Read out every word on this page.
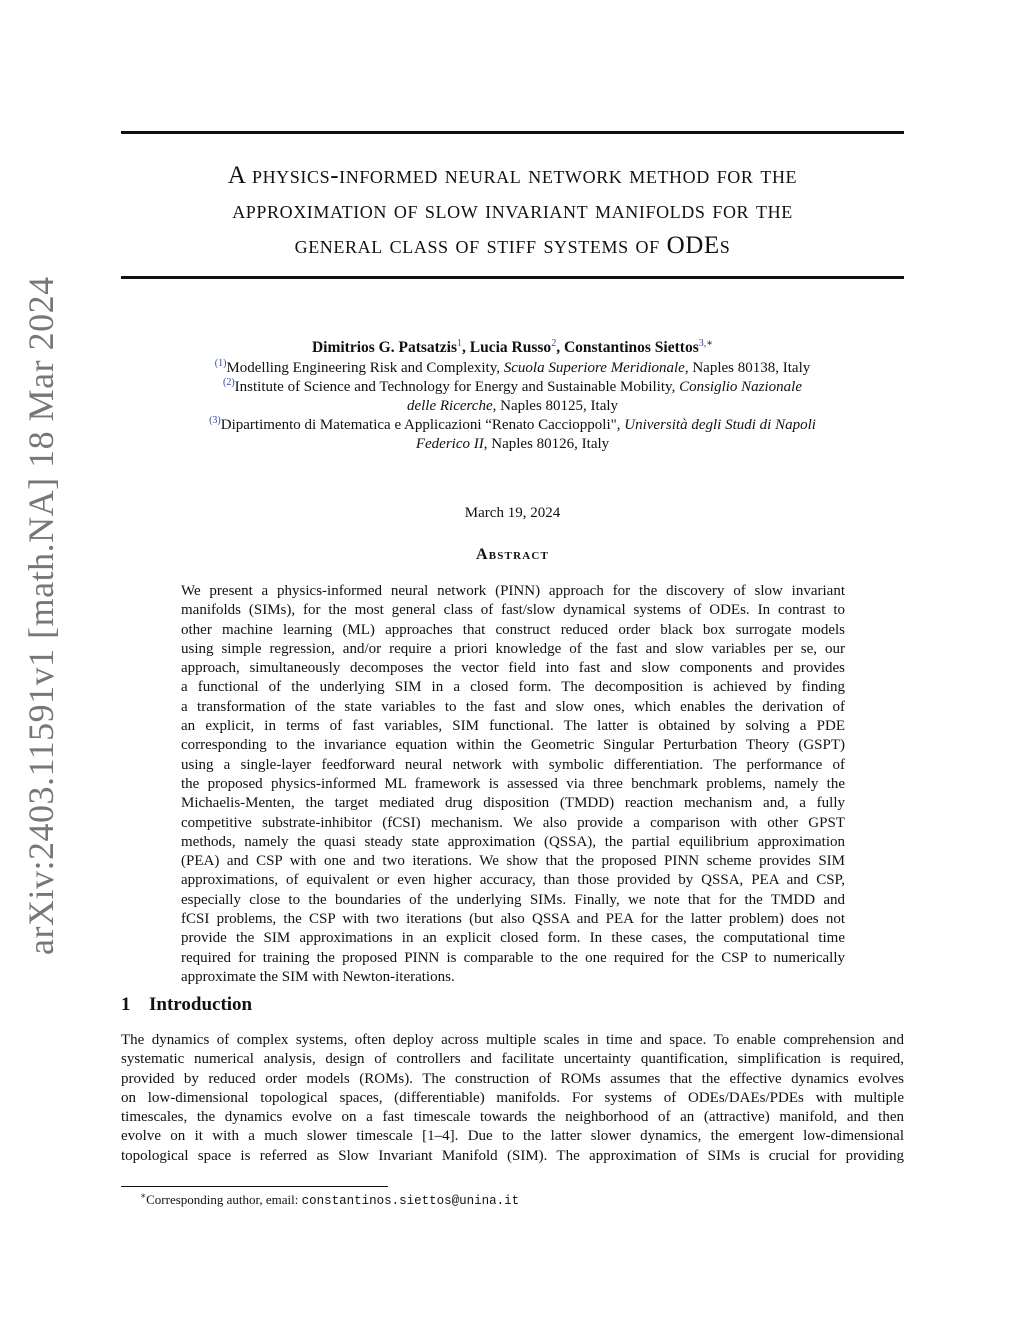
arXiv:2403.11591v1 [math.NA] 18 Mar 2024
A physics-informed neural network method for the
approximation of slow invariant manifolds for the
general class of stiff systems of ODEs
Dimitrios G. Patsatzis$^1$, Lucia Russo$^2$, Constantinos Siettos$^{3,∗}$
$^{(1)}$Modelling Engineering Risk and Complexity, Scuola Superiore Meridionale, Naples 80138, Italy
$^{(2)}$Institute of Science and Technology for Energy and Sustainable Mobility, Consiglio Nazionale
delle Ricerche, Naples 80125, Italy
$^{(3)}$Dipartimento di Matematica e Applicazioni “Renato Caccioppoli", Università degli Studi di Napoli
Federico II, Naples 80126, Italy
March 19, 2024
Abstract
We present a physics-informed neural network (PINN) approach for the discovery of slow invariant
manifolds (SIMs), for the most general class of fast/slow dynamical systems of ODEs. In contrast to
other machine learning (ML) approaches that construct reduced order black box surrogate models
using simple regression, and/or require a priori knowledge of the fast and slow variables per se, our
approach, simultaneously decomposes the vector field into fast and slow components and provides
a functional of the underlying SIM in a closed form. The decomposition is achieved by finding
a transformation of the state variables to the fast and slow ones, which enables the derivation of
an explicit, in terms of fast variables, SIM functional. The latter is obtained by solving a PDE
corresponding to the invariance equation within the Geometric Singular Perturbation Theory (GSPT)
using a single-layer feedforward neural network with symbolic differentiation. The performance of
the proposed physics-informed ML framework is assessed via three benchmark problems, namely the
Michaelis-Menten, the target mediated drug disposition (TMDD) reaction mechanism and, a fully
competitive substrate-inhibitor (fCSI) mechanism. We also provide a comparison with other GPST
methods, namely the quasi steady state approximation (QSSA), the partial equilibrium approximation
(PEA) and CSP with one and two iterations. We show that the proposed PINN scheme provides SIM
approximations, of equivalent or even higher accuracy, than those provided by QSSA, PEA and CSP,
especially close to the boundaries of the underlying SIMs. Finally, we note that for the TMDD and
fCSI problems, the CSP with two iterations (but also QSSA and PEA for the latter problem) does not
provide the SIM approximations in an explicit closed form. In these cases, the computational time
required for training the proposed PINN is comparable to the one required for the CSP to numerically
approximate the SIM with Newton-iterations.
1 Introduction
The dynamics of complex systems, often deploy across multiple scales in time and space. To enable comprehension and
systematic numerical analysis, design of controllers and facilitate uncertainty quantification, simplification is required,
provided by reduced order models (ROMs). The construction of ROMs assumes that the effective dynamics evolves
on low-dimensional topological spaces, (differentiable) manifolds. For systems of ODEs/DAEs/PDEs with multiple
timescales, the dynamics evolve on a fast timescale towards the neighborhood of an (attractive) manifold, and then
evolve on it with a much slower timescale [1–4]. Due to the latter slower dynamics, the emergent low-dimensional
topological space is referred as Slow Invariant Manifold (SIM). The approximation of SIMs is crucial for providing
∗Corresponding author, email: constantinos.siettos@unina.it
